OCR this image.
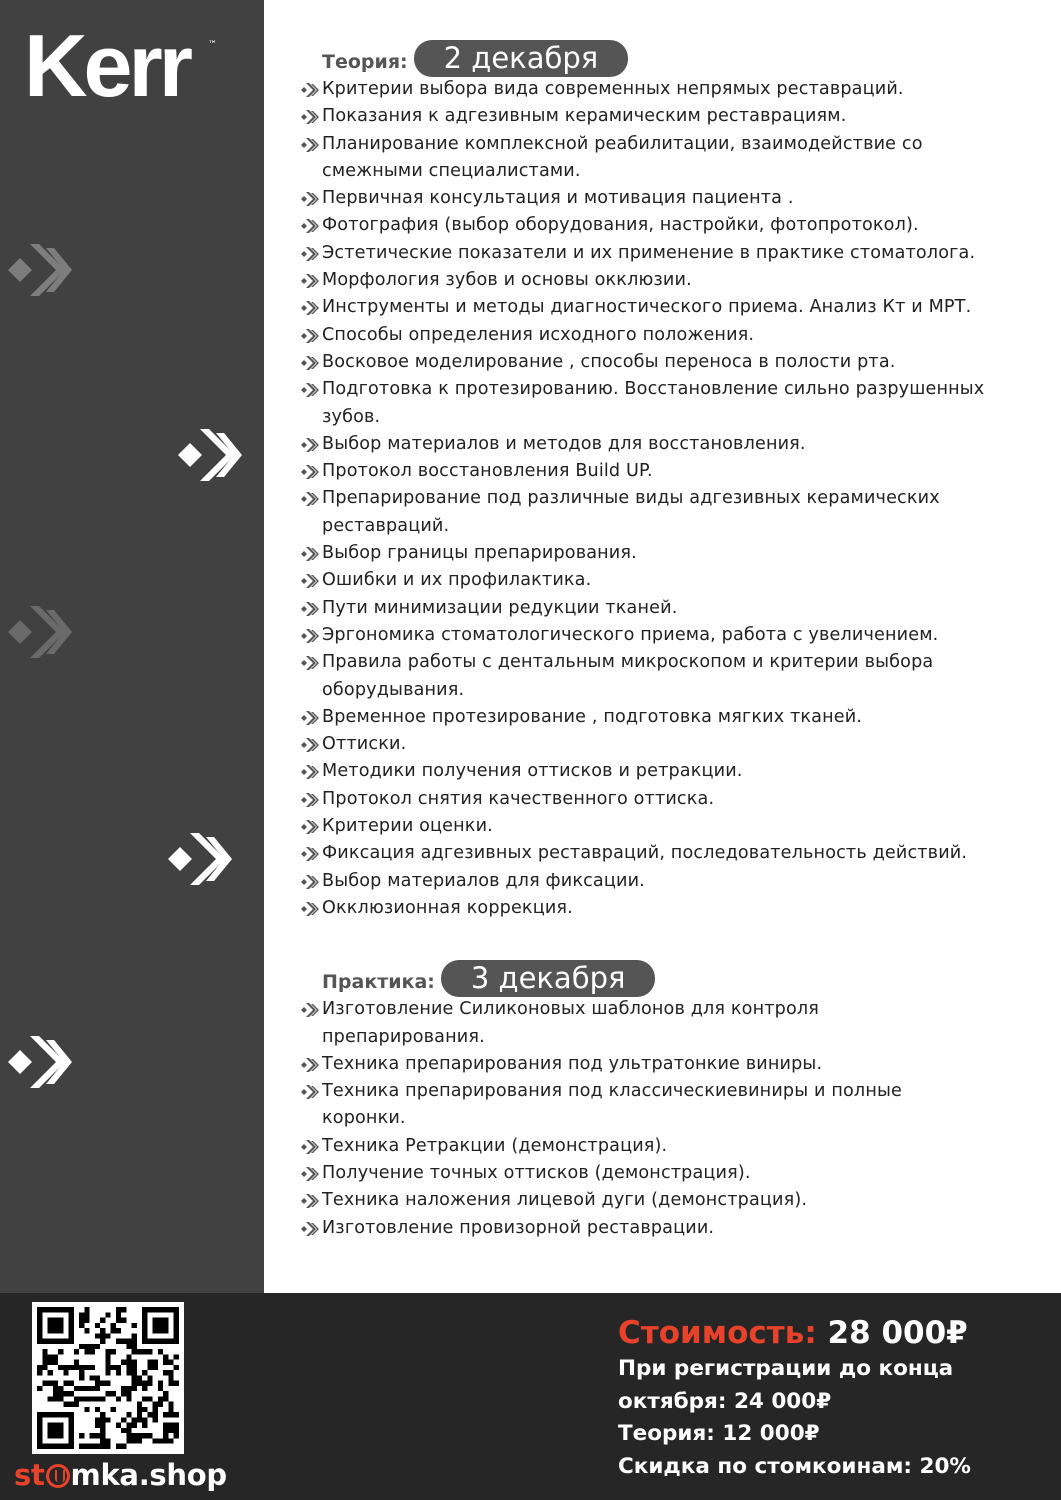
Kerr ™
Теория:	2 декабря
Критерии выбора вида современных непрямых реставраций.
Показания к адгезивным керамическим реставрациям.
Планирование комплексной реабилитации, взаимодействие со
смежными специалистами.
Первичная консультация и мотивация пациента .
Фотография (выбор оборудования, настройки, фотопротокол).
Эстетические показатели и их применение в практике стоматолога.
Морфология зубов и основы окклюзии.
Инструменты и методы диагностического приема. Анализ Кт и МРТ.
Способы определения исходного положения.
Восковое моделирование , способы переноса в полости рта.
Подготовка к протезированию. Восстановление сильно разрушенных
зубов.
Выбор материалов и методов для восстановления.
Протокол восстановления Build UP.
Препарирование под различные виды адгезивных керамических
реставраций.
Выбор границы препарирования.
Ошибки и их профилактика.
Пути минимизации редукции тканей.
Эргономика стоматологического приема, работа с увеличением.
Правила работы с дентальным микроскопом и критерии выбора
оборудывания.
Временное протезирование , подготовка мягких тканей.
Оттиски.
Методики получения оттисков и ретракции.
Протокол снятия качественного оттиска.
Критерии оценки.
Фиксация адгезивных реставраций, последовательность действий.
Выбор материалов для фиксации.
Окклюзионная коррекция.
Практика:	3 декабря
Изготовление Силиконовых шаблонов для контроля
препарирования.
Техника препарирования под ультратонкие виниры.
Техника препарирования под классическиевиниры и полные
коронки.
Техника Ретракции (демонстрация).
Получение точных оттисков (демонстрация).
Техника наложения лицевой дуги (демонстрация).
Изготовление провизорной реставрации.
st mka.shop
Стоимость: 28 000₽
При регистрации до конца
октября: 24 000₽
Теория: 12 000₽
Скидка по стомкоинам: 20%
